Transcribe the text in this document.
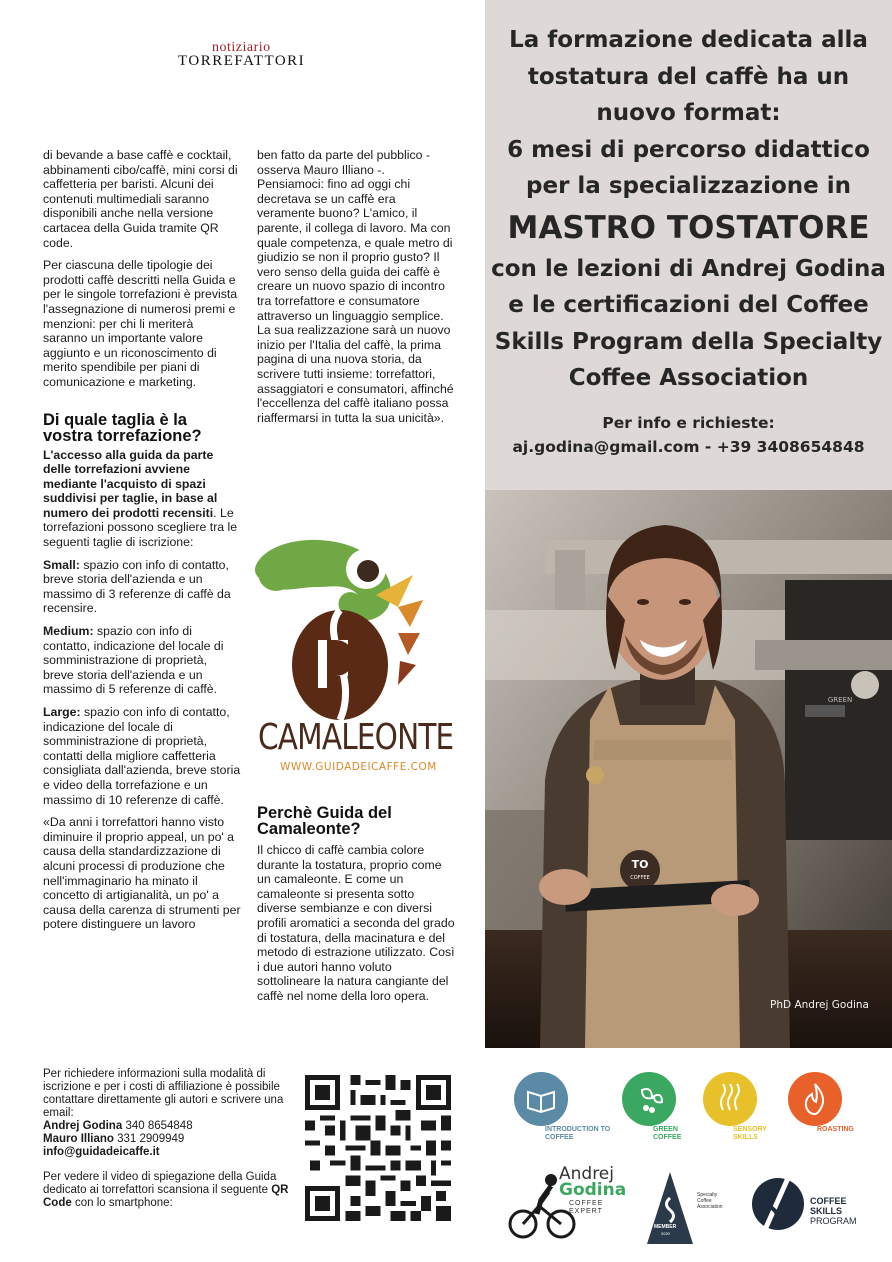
notiziario
TORREFATTORI

di bevande a base caffè e cocktail, abbinamenti cibo/caffè, mini corsi di caffetteria per baristi. Alcuni dei contenuti multimediali saranno disponibili anche nella versione cartacea della Guida tramite QR code.

Per ciascuna delle tipologie dei prodotti caffè descritti nella Guida e per le singole torrefazioni è prevista l'assegnazione di numerosi premi e menzioni: per chi li meriterà saranno un importante valore aggiunto e un riconoscimento di merito spendibile per piani di comunicazione e marketing.

Di quale taglia è la vostra torrefazione?

L'accesso alla guida da parte delle torrefazioni avviene mediante l'acquisto di spazi suddivisi per taglie, in base al numero dei prodotti recensiti. Le torrefazioni possono scegliere tra le seguenti taglie di iscrizione:

Small: spazio con info di contatto, breve storia dell'azienda e un massimo di 3 referenze di caffè da recensire.

Medium: spazio con info di contatto, indicazione del locale di somministrazione di proprietà, breve storia dell'azienda e un massimo di 5 referenze di caffè.

Large: spazio con info di contatto, indicazione del locale di somministrazione di proprietà, contatti della migliore caffetteria consigliata dall'azienda, breve storia e video della torrefazione e un massimo di 10 referenze di caffè.

«Da anni i torrefattori hanno visto diminuire il proprio appeal, un po' a causa della standardizzazione di alcuni processi di produzione che nell'immaginario ha minato il concetto di artigianalità, un po' a causa della carenza di strumenti per potere distinguere un lavoro

ben fatto da parte del pubblico - osserva Mauro Illiano -. Pensiamoci: fino ad oggi chi decretava se un caffè era veramente buono? L'amico, il parente, il collega di lavoro. Ma con quale competenza, e quale metro di giudizio se non il proprio gusto? Il vero senso della guida dei caffè è creare un nuovo spazio di incontro tra torrefattore e consumatore attraverso un linguaggio semplice. La sua realizzazione sarà un nuovo inizio per l'Italia del caffè, la prima pagina di una nuova storia, da scrivere tutti insieme: torrefattori, assaggiatori e consumatori, affinché l'eccellenza del caffè italiano possa riaffermarsi in tutta la sua unicità».

CAMALEONTE
WWW.GUIDADEICAFFE.COM
Perchè Guida del Camaleonte?

Il chicco di caffè cambia colore durante la tostatura, proprio come un camaleonte. E come un camaleonte si presenta sotto diverse sembianze e con diversi profili aromatici a seconda del grado di tostatura, della macinatura e del metodo di estrazione utilizzato. Così i due autori hanno voluto sottolineare la natura cangiante del caffè nel nome della loro opera.

Per richiedere informazioni sulla modalità di iscrizione e per i costi di affiliazione è possibile contattare direttamente gli autori e scrivere una email:
Andrej Godina 340 8654848
Mauro Illiano 331 2909949
info@guidadeicaffe.it
Per vedere il video di spiegazione della Guida dedicato ai torrefattori scansiona il seguente QR Code con lo smartphone:
La formazione dedicata alla
tostatura del caffè ha un
nuovo format:
6 mesi di percorso didattico
per la specializzazione in
MASTRO TOSTATORE
con le lezioni di Andrej Godina
e le certificazioni del Coffee
Skills Program della Specialty
Coffee Association
Per info e richieste:
aj.godina@gmail.com - +39 3408654848
TO
COFFEE
PhD Andrej Godina
GREEN
INTRODUCTION TO COFFEE
GREEN COFFEE
SENSORY SKILLS
ROASTING
Andrej
Godina
COFFEE
EXPERT
MEMBER
2020
Specialty
Coffee
Association
COFFEE
SKILLS
PROGRAM
